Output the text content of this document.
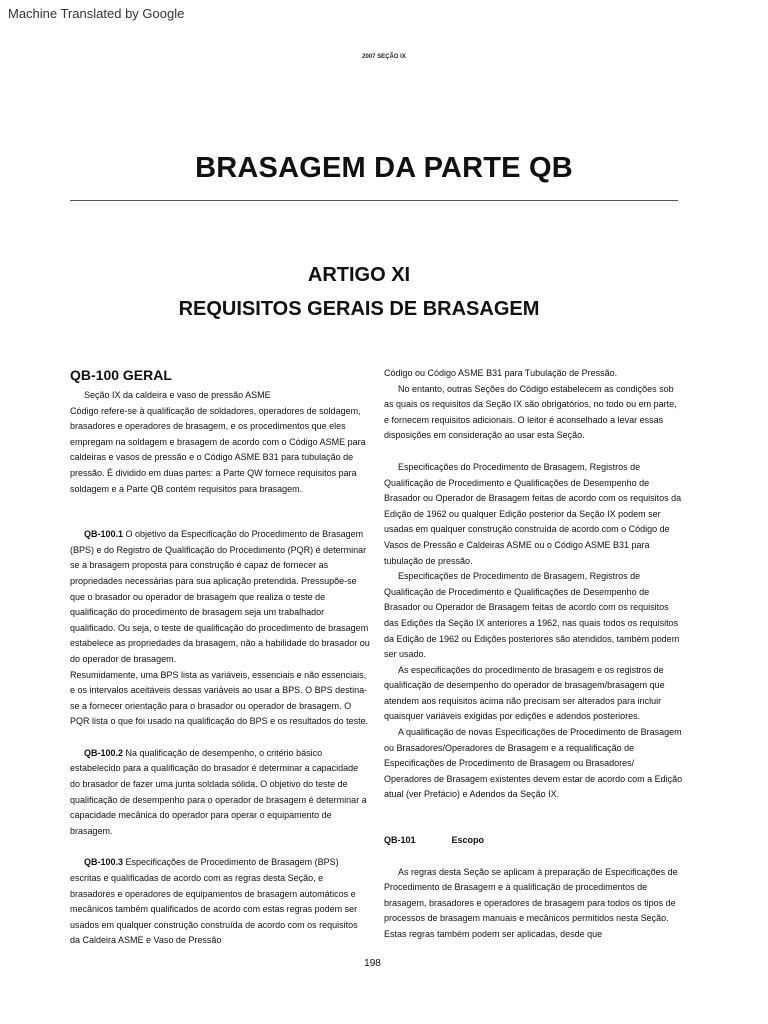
Machine Translated by Google
2007 SEÇÃO IX
BRASAGEM DA PARTE QB
ARTIGO XI
REQUISITOS GERAIS DE BRASAGEM
QB-100 GERAL

Seção IX da caldeira e vaso de pressão ASME

Código refere-se à qualificação de soldadores, operadores de soldagem, brasadores e operadores de brasagem, e os procedimentos que eles empregam na soldagem e brasagem de acordo com o Código ASME para caldeiras e vasos de pressão e o Código ASME B31 para tubulação de pressão. É dividido em duas partes: a Parte QW fornece requisitos para soldagem e a Parte QB contém requisitos para brasagem.

QB-100.1 O objetivo da Especificação do Procedimento de Brasagem (BPS) e do Registro de Qualificação do Procedimento (PQR) é determinar se a brasagem proposta para construção é capaz de fornecer as propriedades necessárias para sua aplicação pretendida. Pressupõe-se que o brasador ou operador de brasagem que realiza o teste de qualificação do procedimento de brasagem seja um trabalhador qualificado. Ou seja, o teste de qualificação do procedimento de brasagem estabelece as propriedades da brasagem, não a habilidade do brasador ou do operador de brasagem.

Resumidamente, uma BPS lista as variáveis, essenciais e não essenciais, e os intervalos aceitáveis dessas variáveis ao usar a BPS. O BPS destina-se a fornecer orientação para o brasador ou operador de brasagem. O PQR lista o que foi usado na qualificação do BPS e os resultados do teste.

QB-100.2 Na qualificação de desempenho, o critério básico estabelecido para a qualificação do brasador é determinar a capacidade do brasador de fazer uma junta soldada sólida. O objetivo do teste de qualificação de desempenho para o operador de brasagem é determinar a capacidade mecânica do operador para operar o equipamento de brasagem.

QB-100.3 Especificações de Procedimento de Brasagem (BPS) escritas e qualificadas de acordo com as regras desta Seção, e brasadores e operadores de equipamentos de brasagem automáticos e mecânicos também qualificados de acordo com estas regras podem ser usados em qualquer construção construída de acordo com os requisitos da Caldeira ASME e Vaso de Pressão

Código ou Código ASME B31 para Tubulação de Pressão.

No entanto, outras Seções do Código estabelecem as condições sob as quais os requisitos da Seção IX são obrigatórios, no todo ou em parte, e fornecem requisitos adicionais. O leitor é aconselhado a levar essas disposições em consideração ao usar esta Seção.

Especificações do Procedimento de Brasagem, Registros de Qualificação de Procedimento e Qualificações de Desempenho de Brasador ou Operador de Brasagem feitas de acordo com os requisitos da Edição de 1962 ou qualquer Edição posterior da Seção IX podem ser usadas em qualquer construção construída de acordo com o Código de Vasos de Pressão e Caldeiras ASME ou o Código ASME B31 para tubulação de pressão.

Especificações de Procedimento de Brasagem, Registros de Qualificação de Procedimento e Qualificações de Desempenho de Brasador ou Operador de Brasagem feitas de acordo com os requisitos das Edições da Seção IX anteriores a 1962, nas quais todos os requisitos da Edição de 1962 ou Edições posteriores são atendidos, também podem ser usado.

As especificações do procedimento de brasagem e os registros de qualificação de desempenho do operador de brasagem/brasagem que atendem aos requisitos acima não precisam ser alterados para incluir quaisquer variáveis exigidas por edições e adendos posteriores.

A qualificação de novas Especificações de Procedimento de Brasagem ou Brasadores/Operadores de Brasagem e a requalificação de Especificações de Procedimento de Brasagem ou Brasadores/ Operadores de Brasagem existentes devem estar de acordo com a Edição atual (ver Prefácio) e Adendos da Seção IX.

QB-101	Escopo

As regras desta Seção se aplicam à preparação de Especificações de Procedimento de Brasagem e à qualificação de procedimentos de brasagem, brasadores e operadores de brasagem para todos os tipos de processos de brasagem manuais e mecânicos permitidos nesta Seção. Estas regras também podem ser aplicadas, desde que

198
